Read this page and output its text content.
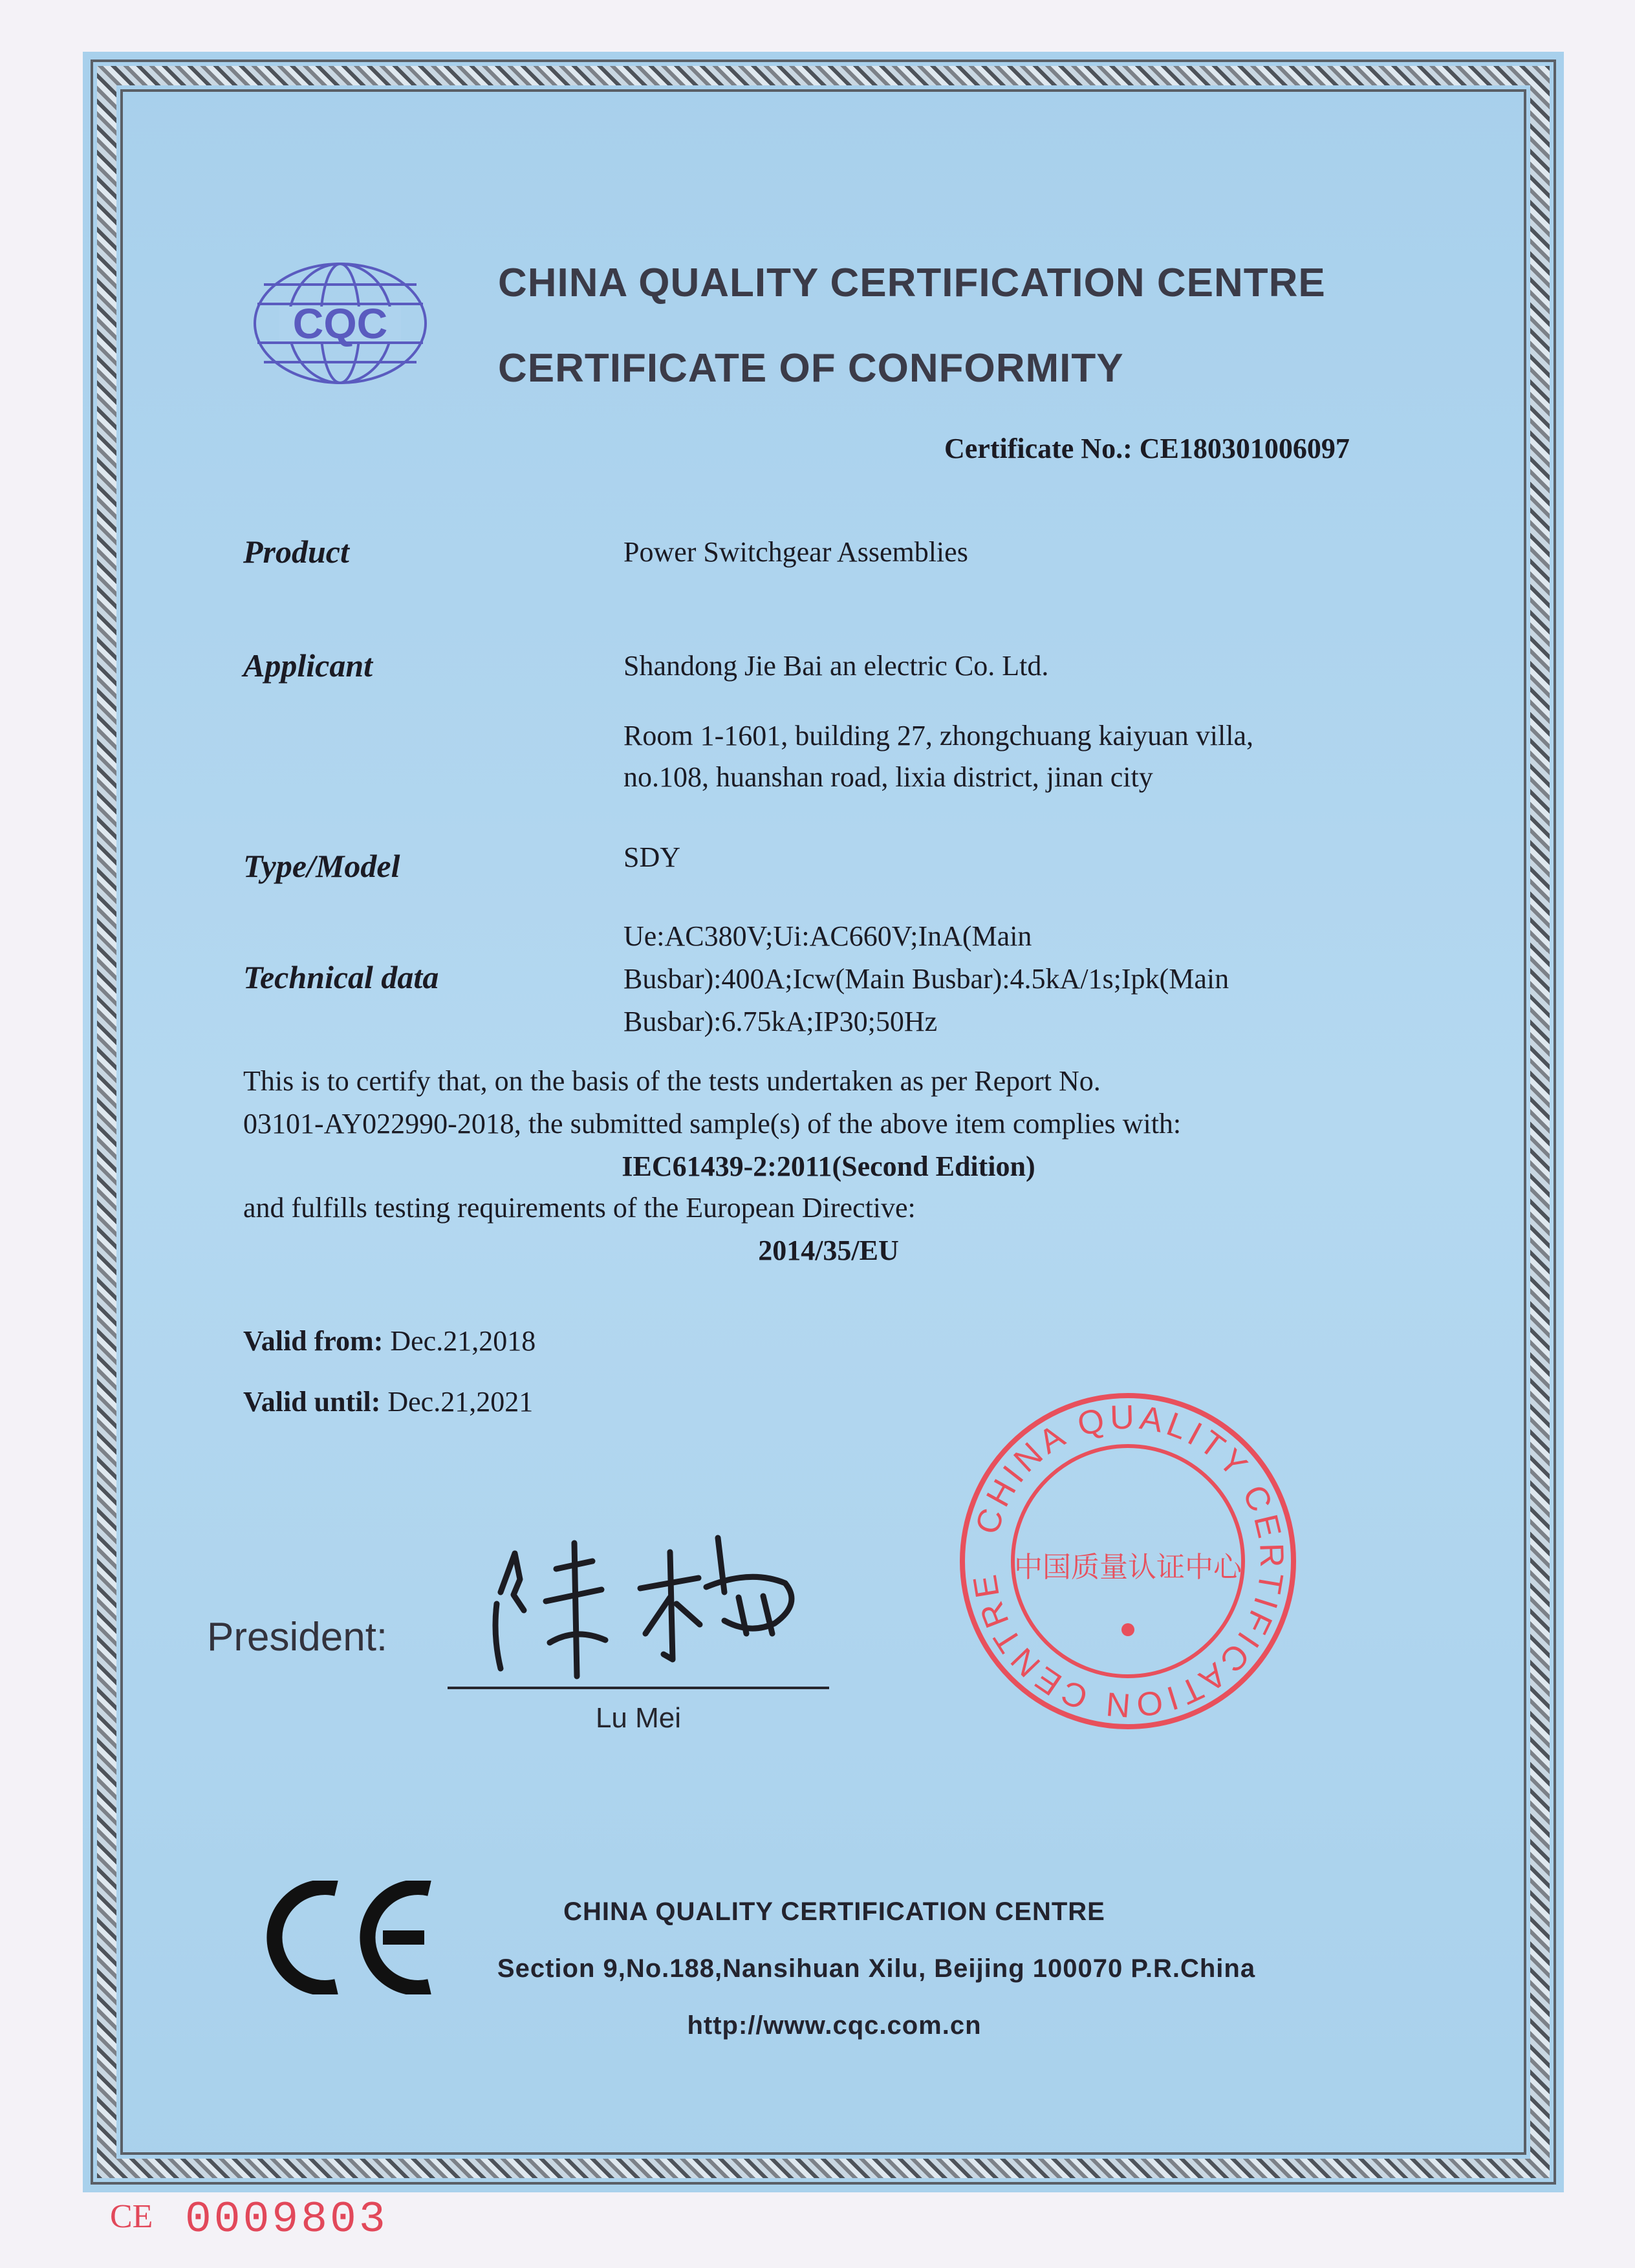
CQC
CHINA QUALITY CERTIFICATION CENTRE
CERTIFICATE OF CONFORMITY
Certificate No.: CE180301006097
Product
Applicant
Type/Model
Technical data
Power Switchgear Assemblies
Shandong Jie Bai an electric Co. Ltd.
Room 1-1601, building 27, zhongchuang kaiyuan villa,
no.108, huanshan road, lixia district, jinan city
SDY
Ue:AC380V;Ui:AC660V;InA(Main
Busbar):400A;Icw(Main Busbar):4.5kA/1s;Ipk(Main
Busbar):6.75kA;IP30;50Hz
This is to certify that, on the basis of the tests undertaken as per Report No.
03101-AY022990-2018, the submitted sample(s) of the above item complies with:
IEC61439-2:2011(Second Edition)
and fulfills testing requirements of the European Directive:
2014/35/EU
Valid from: Dec.21,2018
Valid until: Dec.21,2021
President:
Lu Mei
CHINA QUALITY CERTIFICATION CENTRE
中国质量认证中心
CE
CHINA QUALITY CERTIFICATION CENTRE
Section 9,No.188,Nansihuan Xilu, Beijing 100070 P.R.China
http://www.cqc.com.cn
CE 0009803
